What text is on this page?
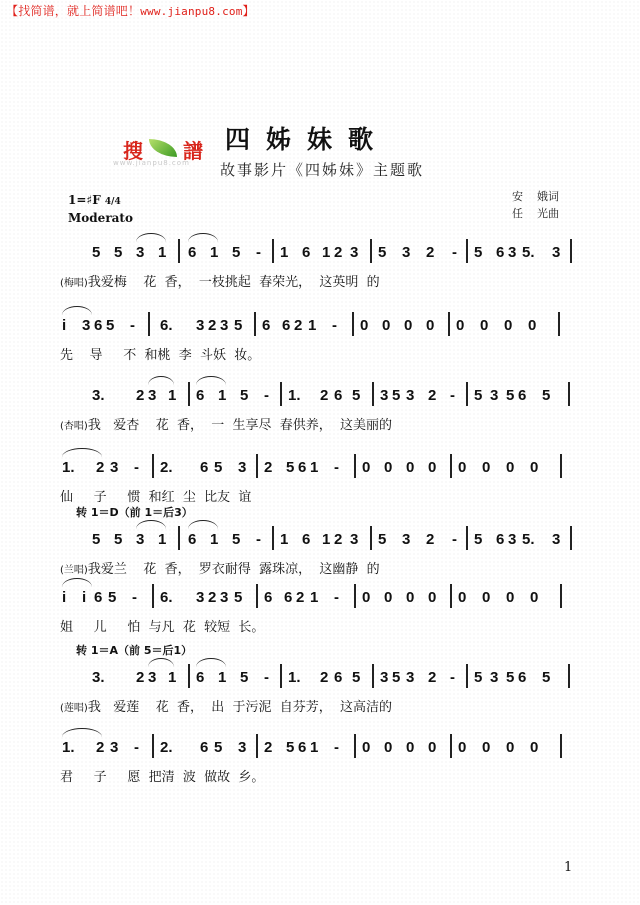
【找简谱，就上简谱吧！www.jianpu8.com】
搜 譜
www.jianpu8.com
四姊妹歌
故事影片《四姊妹》主题歌
1=♯F 4/4
Moderato
安    娥词
任    光曲
5 5 3 1 6 1 5 - 1 6 1 2 3 5 3 2 - 5 6 3 5. 3
(梅唱)我爱梅    花  香，  一枝挑起  春荣光，  这英明  的
i 3 6 5 - 6. 3 2 3 5 6 6 2 1 - 0 0 0 0 0 0 0 0
先    导     不  和桃  李  斗妖  妆。
3. 2 3 1 6 1 5 - 1. 2 6 5 3 5 3 2 - 5 3 5 6 5
(杏唱)我   爱杏    花  香，  一  生享尽  春供养，  这美丽的
1. 2 3 - 2. 6 5 3 2 5 6 1 - 0 0 0 0 0 0 0 0
仙     子     惯  和红  尘  比友  谊
转 1＝D（前 1＝后3）
5 5 3 1 6 1 5 - 1 6 1 2 3 5 3 2 - 5 6 3 5. 3
(兰唱)我爱兰    花  香，  罗衣耐得  露珠凉，  这幽静  的
i i 6 5 - 6. 3 2 3 5 6 6 2 1 - 0 0 0 0 0 0 0 0
姐     儿     怕  与凡  花  较短  长。
转 1＝A（前 5＝后1）
3. 2 3 1 6 1 5 - 1. 2 6 5 3 5 3 2 - 5 3 5 6 5
(莲唱)我   爱莲    花  香，  出  于污泥  自芬芳，  这高洁的
1. 2 3 - 2. 6 5 3 2 5 6 1 - 0 0 0 0 0 0 0 0
君     子     愿  把清  波  做故  乡。
1
